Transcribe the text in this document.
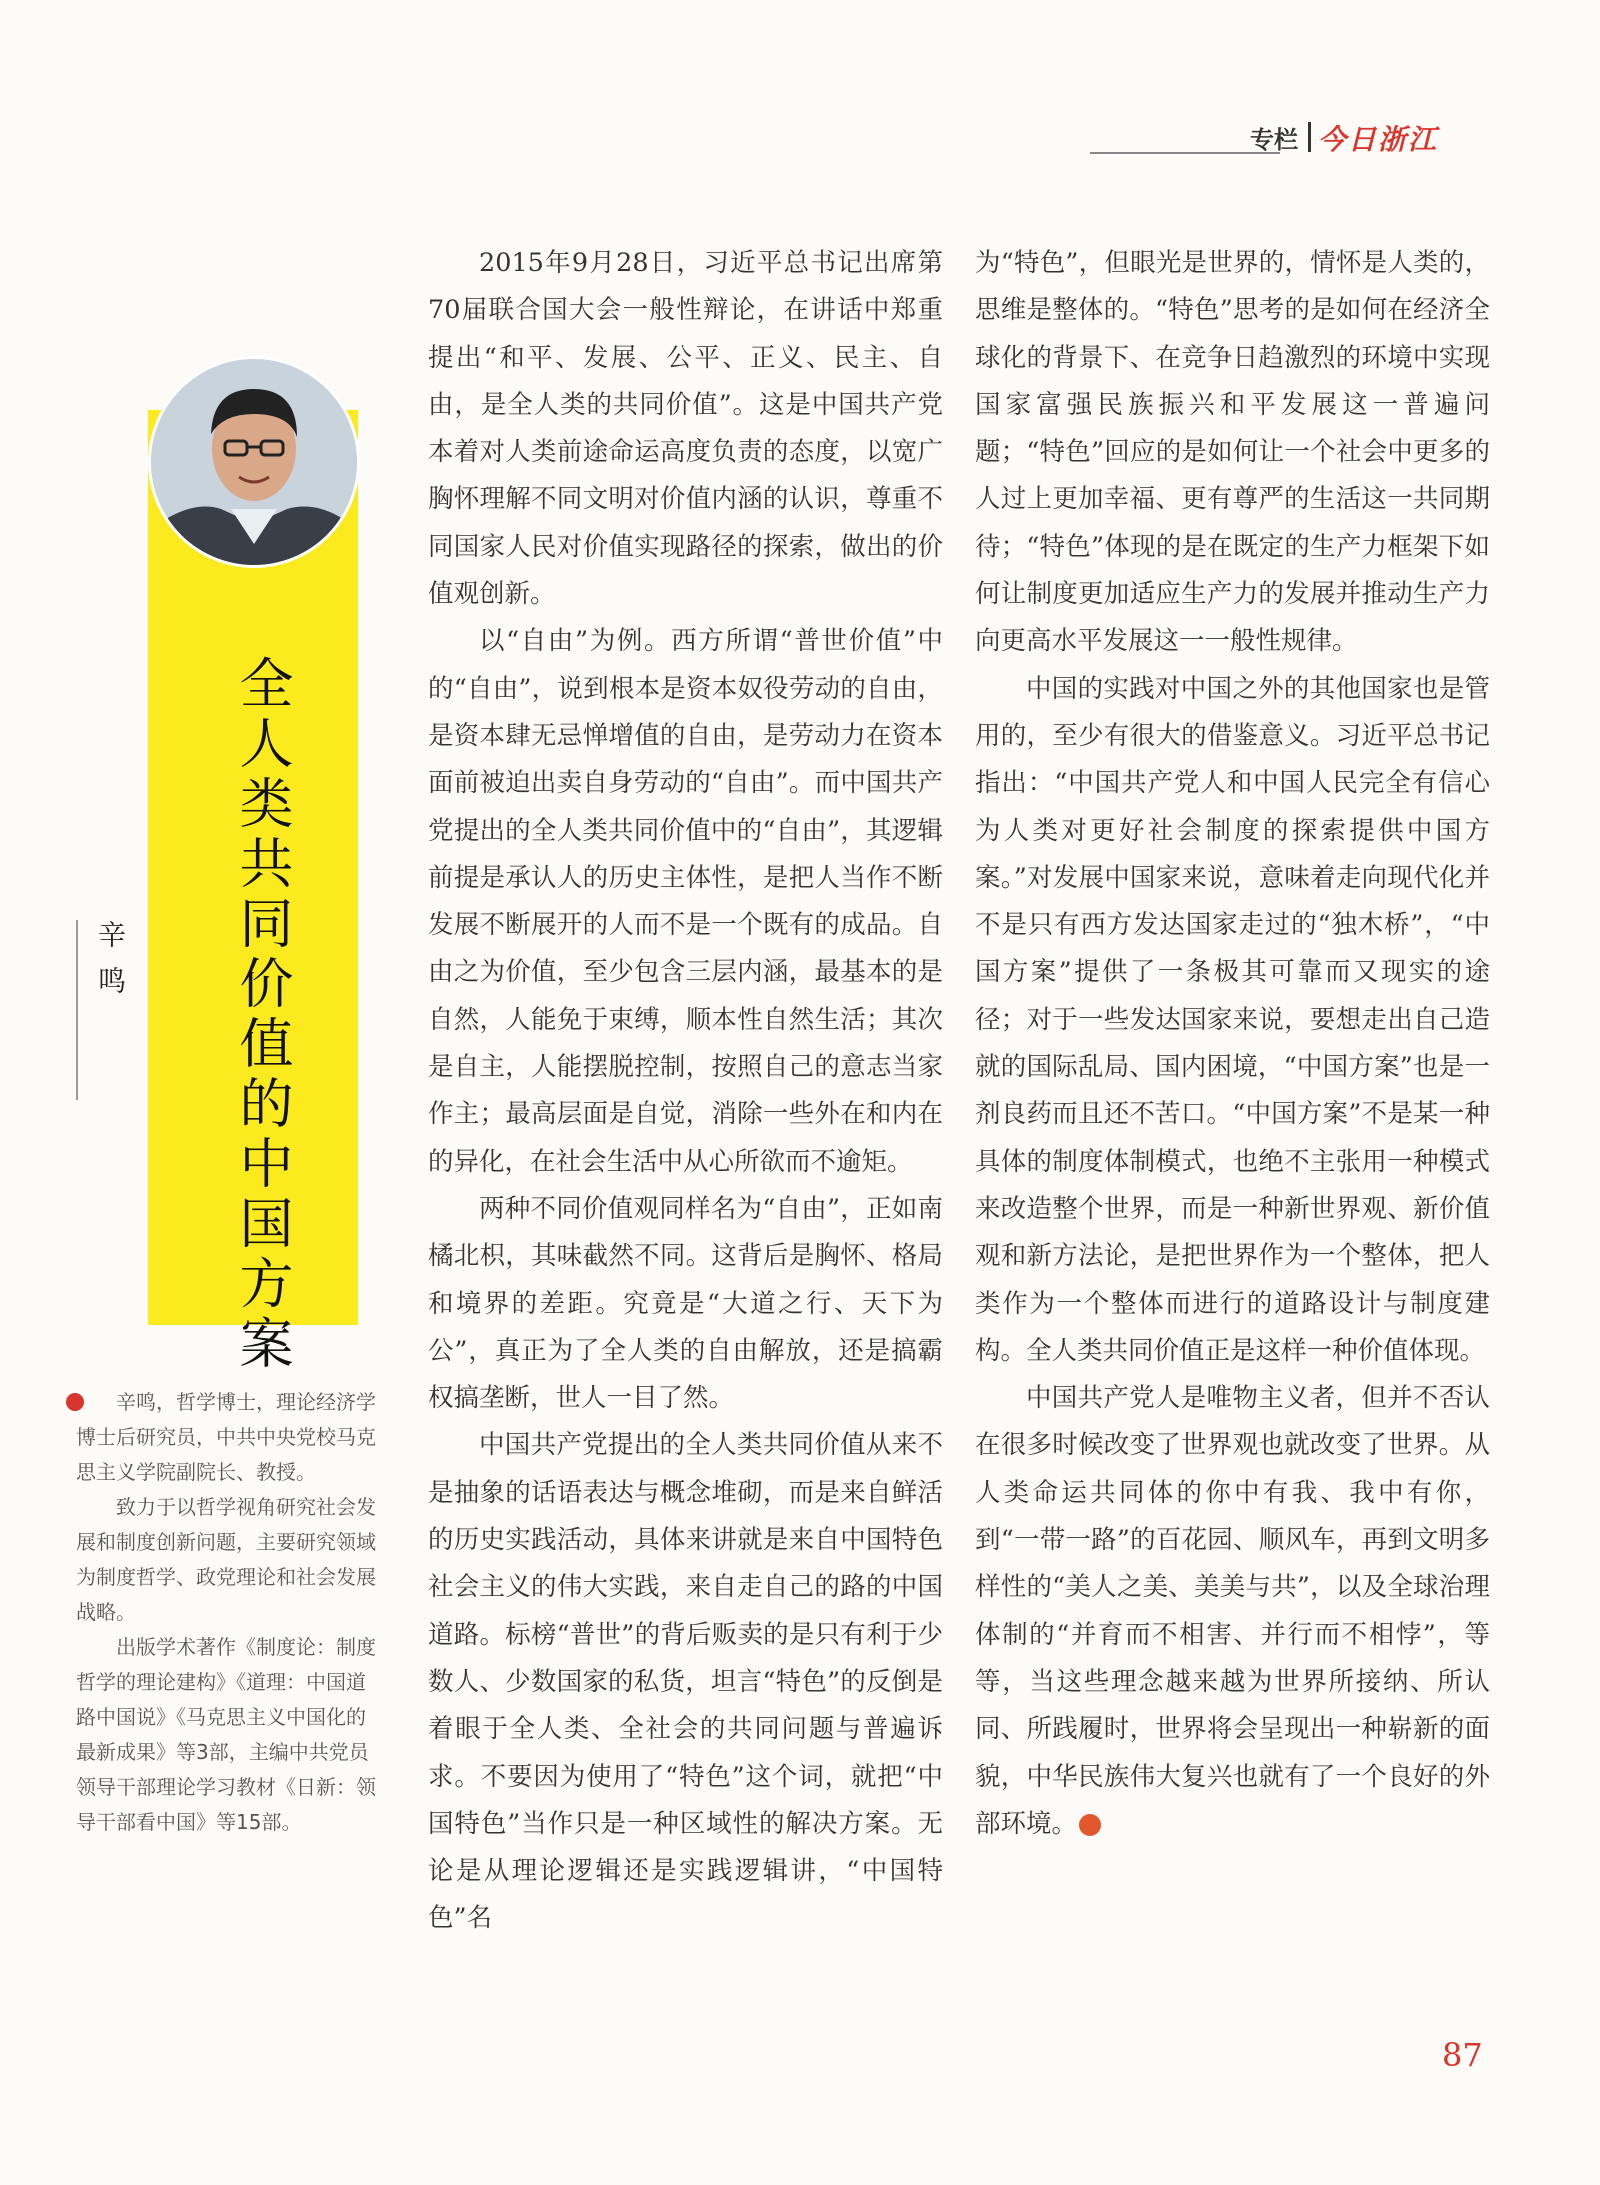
专栏 今日浙江
全人类共同价值的中国方案
辛鸣

辛鸣，哲学博士，理论经济学博士后研究员，中共中央党校马克思主义学院副院长、教授。

致力于以哲学视角研究社会发展和制度创新问题，主要研究领域为制度哲学、政党理论和社会发展战略。

出版学术著作《制度论：制度哲学的理论建构》《道理：中国道路中国说》《马克思主义中国化的最新成果》等3部，主编中共党员领导干部理论学习教材《日新：领导干部看中国》等15部。

2015年9月28日，习近平总书记出席第70届联合国大会一般性辩论，在讲话中郑重提出“和平、发展、公平、正义、民主、自由，是全人类的共同价值”。这是中国共产党本着对人类前途命运高度负责的态度，以宽广胸怀理解不同文明对价值内涵的认识，尊重不同国家人民对价值实现路径的探索，做出的价值观创新。

以“自由”为例。西方所谓“普世价值”中的“自由”，说到根本是资本奴役劳动的自由，是资本肆无忌惮增值的自由，是劳动力在资本面前被迫出卖自身劳动的“自由”。而中国共产党提出的全人类共同价值中的“自由”，其逻辑前提是承认人的历史主体性，是把人当作不断发展不断展开的人而不是一个既有的成品。自由之为价值，至少包含三层内涵，最基本的是自然，人能免于束缚，顺本性自然生活；其次是自主，人能摆脱控制，按照自己的意志当家作主；最高层面是自觉，消除一些外在和内在的异化，在社会生活中从心所欲而不逾矩。

两种不同价值观同样名为“自由”，正如南橘北枳，其味截然不同。这背后是胸怀、格局和境界的差距。究竟是“大道之行、天下为公”，真正为了全人类的自由解放，还是搞霸权搞垄断，世人一目了然。

中国共产党提出的全人类共同价值从来不是抽象的话语表达与概念堆砌，而是来自鲜活的历史实践活动，具体来讲就是来自中国特色社会主义的伟大实践，来自走自己的路的中国道路。标榜“普世”的背后贩卖的是只有利于少数人、少数国家的私货，坦言“特色”的反倒是着眼于全人类、全社会的共同问题与普遍诉求。不要因为使用了“特色”这个词，就把“中国特色”当作只是一种区域性的解决方案。无论是从理论逻辑还是实践逻辑讲，“中国特色”名

为“特色”，但眼光是世界的，情怀是人类的，思维是整体的。“特色”思考的是如何在经济全球化的背景下、在竞争日趋激烈的环境中实现国家富强民族振兴和平发展这一普遍问题；“特色”回应的是如何让一个社会中更多的人过上更加幸福、更有尊严的生活这一共同期待；“特色”体现的是在既定的生产力框架下如何让制度更加适应生产力的发展并推动生产力向更高水平发展这一一般性规律。

中国的实践对中国之外的其他国家也是管用的，至少有很大的借鉴意义。习近平总书记指出：“中国共产党人和中国人民完全有信心为人类对更好社会制度的探索提供中国方案。”对发展中国家来说，意味着走向现代化并不是只有西方发达国家走过的“独木桥”，“中国方案”提供了一条极其可靠而又现实的途径；对于一些发达国家来说，要想走出自己造就的国际乱局、国内困境，“中国方案”也是一剂良药而且还不苦口。“中国方案”不是某一种具体的制度体制模式，也绝不主张用一种模式来改造整个世界，而是一种新世界观、新价值观和新方法论，是把世界作为一个整体，把人类作为一个整体而进行的道路设计与制度建构。全人类共同价值正是这样一种价值体现。

中国共产党人是唯物主义者，但并不否认在很多时候改变了世界观也就改变了世界。从人类命运共同体的你中有我、我中有你，到“一带一路”的百花园、顺风车，再到文明多样性的“美人之美、美美与共”，以及全球治理体制的“并育而不相害、并行而不相悖”，等等，当这些理念越来越为世界所接纳、所认同、所践履时，世界将会呈现出一种崭新的面貌，中华民族伟大复兴也就有了一个良好的外部环境。

87
